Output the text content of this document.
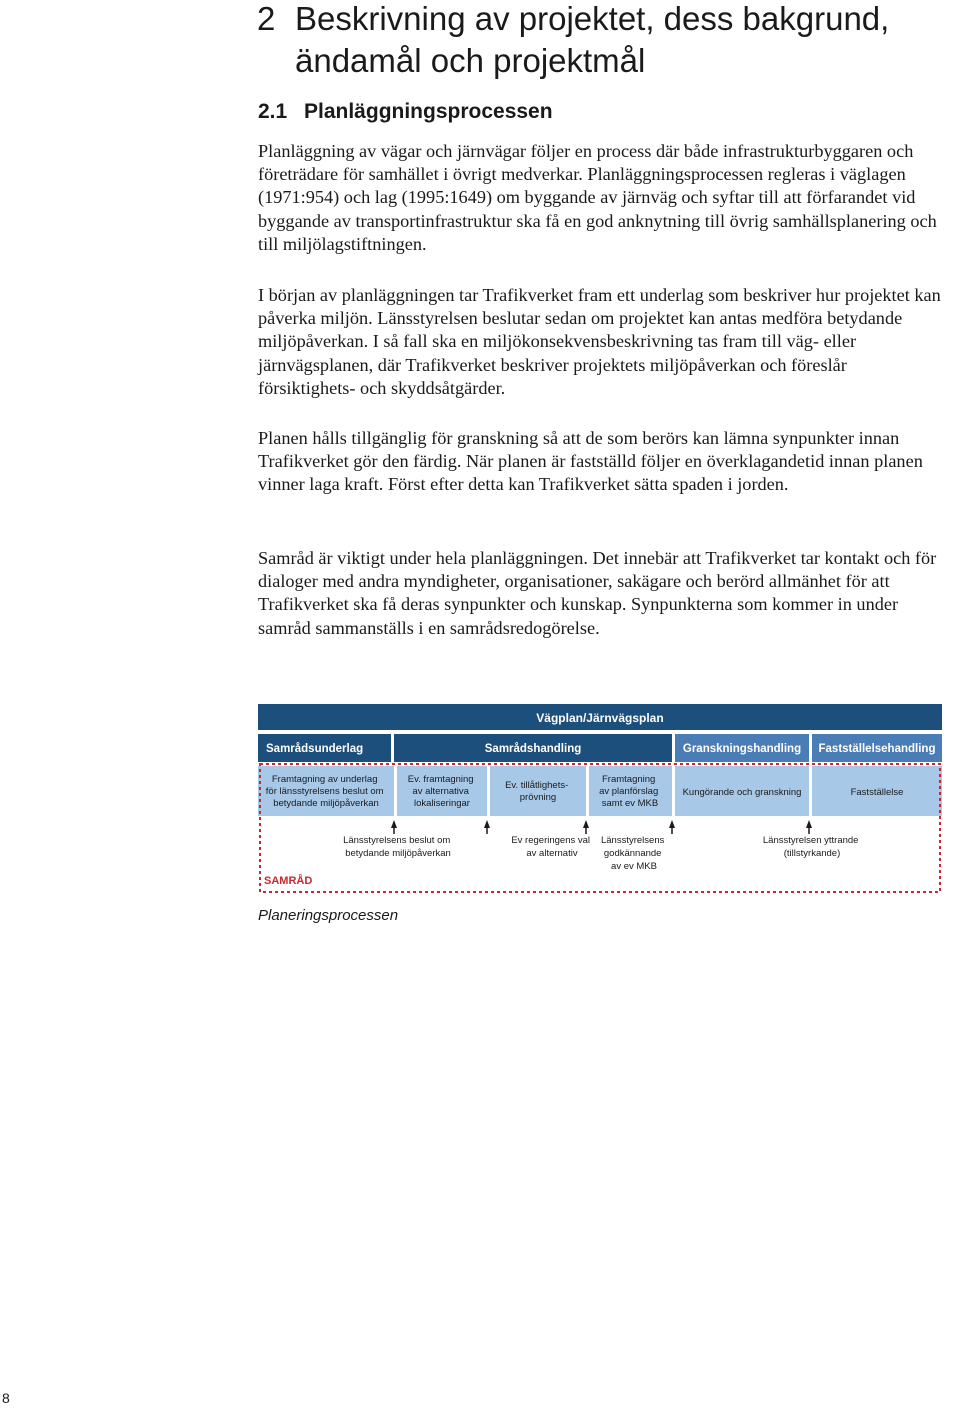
2 Beskrivning av projektet, dess bakgrund,
ändamål och projektmål
2.1 Planläggningsprocessen

Planläggning av vägar och järnvägar följer en process där både infrastrukturbyggaren och företrädare för samhället i övrigt medverkar. Planläggningsprocessen regleras i väglagen (1971:954) och lag (1995:1649) om byggande av järnväg och syftar till att förfarandet vid byggande av transportinfrastruktur ska få en god anknytning till övrig samhällsplanering och till miljölagstiftningen.

I början av planläggningen tar Trafikverket fram ett underlag som beskriver hur projektet kan påverka miljön. Länsstyrelsen beslutar sedan om projektet kan antas medföra betydande miljöpåverkan. I så fall ska en miljökonsekvensbeskrivning tas fram till väg- eller järnvägsplanen, där Trafikverket beskriver projektets miljöpåverkan och föreslår försiktighets- och skyddsåtgärder.

Planen hålls tillgänglig för granskning så att de som berörs kan lämna synpunkter innan Trafikverket gör den färdig. När planen är fastställd följer en överklagandetid innan planen vinner laga kraft. Först efter detta kan Trafikverket sätta spaden i jorden.

Samråd är viktigt under hela planläggningen. Det innebär att Trafikverket tar kontakt och för dialoger med andra myndigheter, organisationer, sakägare och berörd allmänhet för att Trafikverket ska få deras synpunkter och kunskap. Synpunkterna som kommer in under samråd sammanställs i en samrådsredogörelse.

Vägplan/Järnvägsplan
Samrådsunderlag	Samrådshandling	Granskningshandling Fastställelsehandling
Framtagning av underlag för länsstyrelsens beslut om betydande miljöpåverkan
Ev. framtagning av alternativa lokaliseringar
Ev. tillåtlighets- prövning
Framtagning av planförslag samt ev MKB
Kungörande och granskning	Fastställelse
Länsstyrelsens beslut om betydande miljöpåverkan
Ev regeringens val av alternativ
Länsstyrelsens godkännande av ev MKB
Länsstyrelsen yttrande (tillstyrkande)
SAMRÅD
Planeringsprocessen
8
